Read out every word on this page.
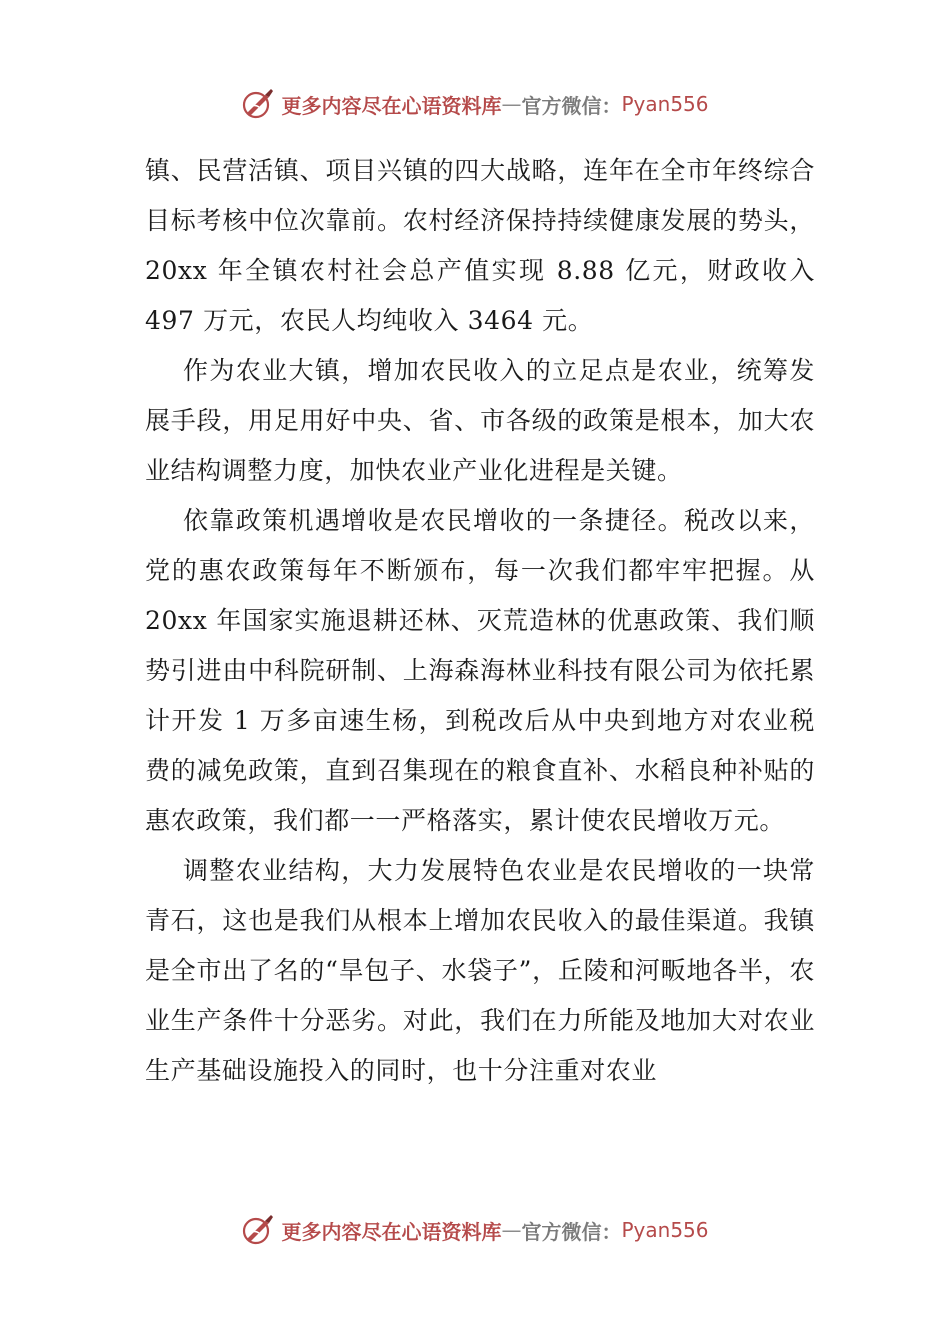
更多内容尽在心语资料库 — 官方微信： Pyan556

镇、民营活镇、项目兴镇的四大战略，连年在全市年终综合目标考核中位次靠前。农村经济保持持续健康发展的势头，20xx 年全镇农村社会总产值实现 8.88 亿元，财政收入 497 万元，农民人均纯收入 3464 元。

作为农业大镇，增加农民收入的立足点是农业，统筹发展手段，用足用好中央、省、市各级的政策是根本，加大农业结构调整力度，加快农业产业化进程是关键。

依靠政策机遇增收是农民增收的一条捷径。税改以来，党的惠农政策每年不断颁布，每一次我们都牢牢把握。从 20xx 年国家实施退耕还林、灭荒造林的优惠政策、我们顺势引进由中科院研制、上海森海林业科技有限公司为依托累计开发 1 万多亩速生杨，到税改后从中央到地方对农业税费的减免政策，直到召集现在的粮食直补、水稻良种补贴的惠农政策，我们都一一严格落实，累计使农民增收万元。

调整农业结构，大力发展特色农业是农民增收的一块常青石，这也是我们从根本上增加农民收入的最佳渠道。我镇是全市出了名的“旱包子、水袋子”，丘陵和河畈地各半，农业生产条件十分恶劣。对此，我们在力所能及地加大对农业生产基础设施投入的同时，也十分注重对农业

更多内容尽在心语资料库 — 官方微信： Pyan556
